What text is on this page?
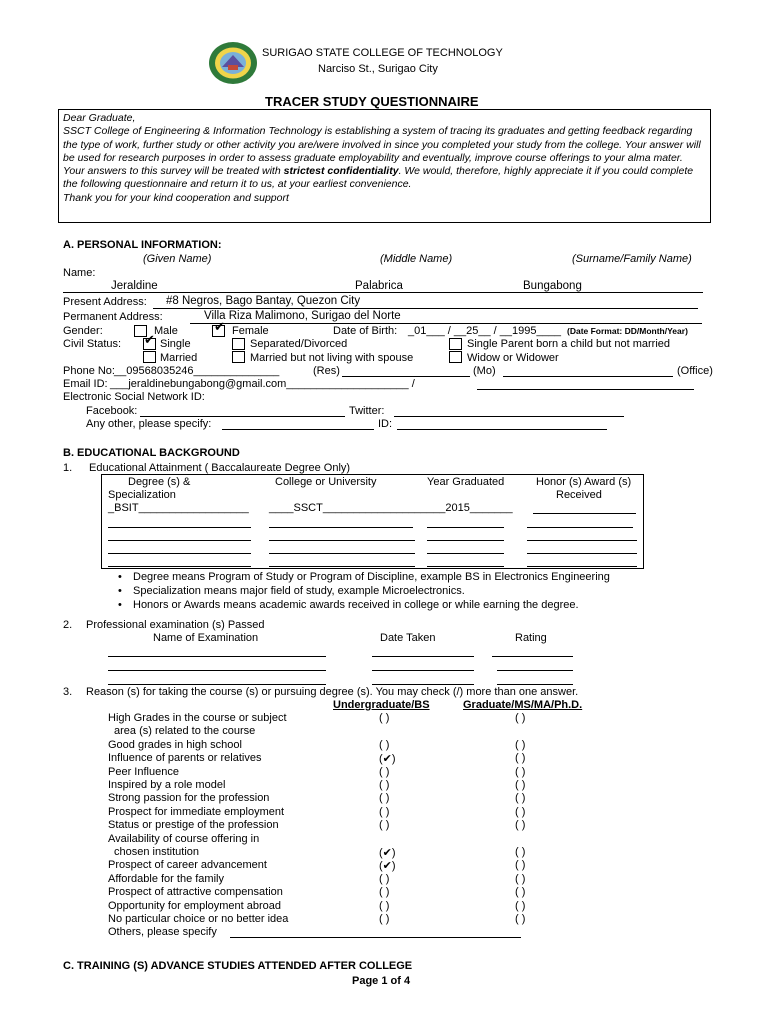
SURIGAO STATE COLLEGE OF TECHNOLOGY
Narciso St., Surigao City
TRACER STUDY QUESTIONNAIRE

Dear Graduate,

SSCT College of Engineering & Information Technology is establishing a system of tracing its graduates and getting feedback regarding the type of work, further study or other activity you are/were involved in since you completed your study from the college. Your answer will be used for research purposes in order to assess graduate employability and eventually, improve course offerings to your alma mater. Your answers to this survey will be treated with strictest confidentiality. We would, therefore, highly appreciate it if you could complete the following questionnaire and return it to us, at your earliest convenience.

Thank you for your kind cooperation and support

A. PERSONAL INFORMATION:
(Given Name)	(Middle Name)	(Surname/Family Name)
Name:
Jeraldine	Palabrica	Bungabong
Present Address: #8 Negros, Bago Bantay, Quezon City
Permanent Address:	Villa Riza Malimono, Surigao del Norte
Gender:	Male	✔ Female	Date of Birth: _01___ / __25__ / __1995____ (Date Format: DD/Month/Year)
Civil Status: ✔ Single	Separated/Divorced	Single Parent born a child but not married
Married	Married but not living with spouse	Widow or Widower
Phone No: __09568035246______________	(Res)	(Mo)	(Office)
Email ID: ___jeraldinebungabong@gmail.com____________________ /
Electronic Social Network ID:
Facebook:	Twitter:
Any other, please specify:	ID:
B. EDUCATIONAL BACKGROUND
1. Educational Attainment ( Baccalaureate Degree Only)
Degree (s) &
Specialization
College or University	Year Graduated	Honor (s) Award (s)
Received
_BSIT__________________ ____SSCT_________________ ___2015_______
• Degree means Program of Study or Program of Discipline, example BS in Electronics Engineering
• Specialization means major field of study, example Microelectronics.
• Honors or Awards means academic awards received in college or while earning the degree.
2. Professional examination (s) Passed
Name of Examination	Date Taken	Rating
3. Reason (s) for taking the course (s) or pursuing degree (s). You may check (/) more than one answer.
Undergraduate/BS	Graduate/MS/MA/Ph.D.
High Grades in the course or subject	( )	( )
area (s) related to the course
Good grades in high school	( )	( )
Influence of parents or relatives	(✔)	( )
Peer Influence	( )	( )
Inspired by a role model	( )	( )
Strong passion for the profession	( )	( )
Prospect for immediate employment	( )	( )
Status or prestige of the profession	( )	( )
Availability of course offering in
chosen institution	(✔)	( )
Prospect of career advancement	(✔)	( )
Affordable for the family	( )	( )
Prospect of attractive compensation	( )	( )
Opportunity for employment abroad	( )	( )
No particular choice or no better idea	( )	( )
Others, please specify
C. TRAINING (S) ADVANCE STUDIES ATTENDED AFTER COLLEGE
Page 1 of 4
